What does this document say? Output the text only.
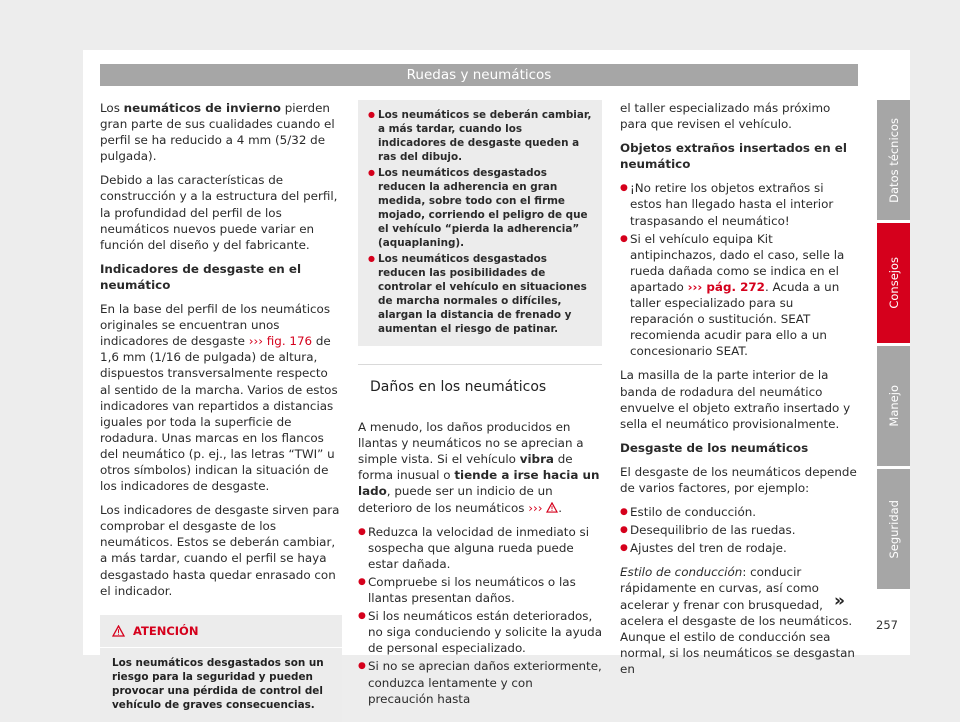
Ruedas y neumáticos

Los neumáticos de invierno pierden gran parte de sus cualidades cuando el perfil se ha reducido a 4 mm (5/32 de pulgada).

Debido a las características de construcción y a la estructura del perfil, la profundidad del perfil de los neumáticos nuevos puede variar en función del diseño y del fabricante.

Indicadores de desgaste en el neumático

En la base del perfil de los neumáticos originales se encuentran unos indicadores de desgaste ››› fig. 176 de 1,6 mm (1/16 de pulgada) de altura, dispuestos transversalmente respecto al sentido de la marcha. Varios de estos indicadores van repartidos a distancias iguales por toda la superficie de rodadura. Unas marcas en los flancos del neumático (p. ej., las letras “TWI” u otros símbolos) indican la situación de los indicadores de desgaste.

Los indicadores de desgaste sirven para comprobar el desgaste de los neumáticos. Estos se deberán cambiar, a más tardar, cuando el perfil se haya desgastado hasta quedar enrasado con el indicador.

ATENCIÓN
Los neumáticos desgastados son un riesgo para la seguridad y pueden provocar una pérdida de control del vehículo de graves consecuencias.
● Los neumáticos se deberán cambiar, a más tardar, cuando los indicadores de desgaste queden a ras del dibujo.
● Los neumáticos desgastados reducen la adherencia en gran medida, sobre todo con el firme mojado, corriendo el peligro de que el vehículo “pierda la adherencia” (aquaplaning).
● Los neumáticos desgastados reducen las posibilidades de controlar el vehículo en situaciones de marcha normales o difíciles, alargan la distancia de frenado y aumentan el riesgo de patinar.
Daños en los neumáticos

A menudo, los daños producidos en llantas y neumáticos no se aprecian a simple vista. Si el vehículo vibra de forma inusual o tiende a irse hacia un lado, puede ser un indicio de un deterioro de los neumáticos ››› .

● Reduzca la velocidad de inmediato si sospecha que alguna rueda puede estar dañada.
● Compruebe si los neumáticos o las llantas presentan daños.
● Si los neumáticos están deteriorados, no siga conduciendo y solicite la ayuda de personal especializado.
● Si no se aprecian daños exteriormente, conduzca lentamente y con precaución hasta

el taller especializado más próximo para que revisen el vehículo.

Objetos extraños insertados en el neumático

● ¡No retire los objetos extraños si estos han llegado hasta el interior traspasando el neumático!
● Si el vehículo equipa Kit antipinchazos, dado el caso, selle la rueda dañada como se indica en el apartado ››› pág. 272. Acuda a un taller especializado para su reparación o sustitución. SEAT recomienda acudir para ello a un concesionario SEAT.

La masilla de la parte interior de la banda de rodadura del neumático envuelve el objeto extraño insertado y sella el neumático provisionalmente.

Desgaste de los neumáticos

El desgaste de los neumáticos depende de varios factores, por ejemplo:

● Estilo de conducción.
● Desequilibrio de las ruedas.
● Ajustes del tren de rodaje.

Estilo de conducción: conducir rápidamente en curvas, así como acelerar y frenar con brusquedad, acelera el desgaste de los neumáticos. Aunque el estilo de conducción sea normal, si los neumáticos se desgastan en

»
Datos técnicos
Consejos
Manejo
Seguridad
257
